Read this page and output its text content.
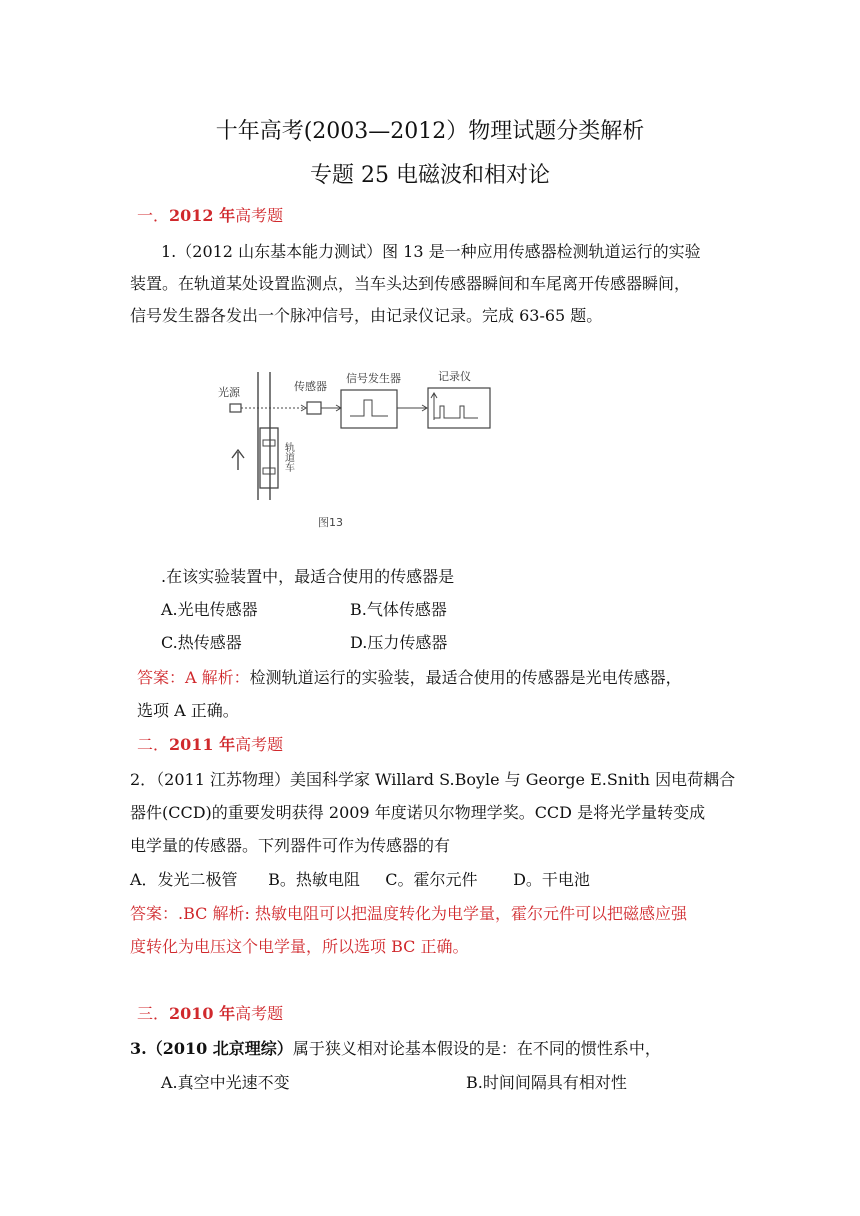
十年高考(2003—2012）物理试题分类解析
专题 25 电磁波和相对论
一．2012 年高考题
1.（2012 山东基本能力测试）图 13 是一种应用传感器检测轨道运行的实验
装置。在轨道某处设置监测点，当车头达到传感器瞬间和车尾离开传感器瞬间，
信号发生器各发出一个脉冲信号，由记录仪记录。完成 63-65 题。
光源
轨道车
传感器
信号发生器	记录仪
图13
.在该实验装置中，最适合使用的传感器是
A.光电传感器	B.气体传感器
C.热传感器	D.压力传感器
答案：A 解析：检测轨道运行的实验装，最适合使用的传感器是光电传感器，
选项 A 正确。
二．2011 年高考题
2．（2011 江苏物理）美国科学家 Willard S.Boyle 与 George E.Snith 因电荷耦合
器件(CCD)的重要发明获得 2009 年度诺贝尔物理学奖。CCD 是将光学量转变成
电学量的传感器。下列器件可作为传感器的有
A．发光二极管      B。热敏电阻     C。霍尔元件       D。干电池
答案：.BC 解析: 热敏电阻可以把温度转化为电学量，霍尔元件可以把磁感应强
度转化为电压这个电学量，所以选项 BC 正确。
三．2010 年高考题
3.（2010 北京理综）属于狭义相对论基本假设的是：在不同的惯性系中，
A.真空中光速不变	B.时间间隔具有相对性
